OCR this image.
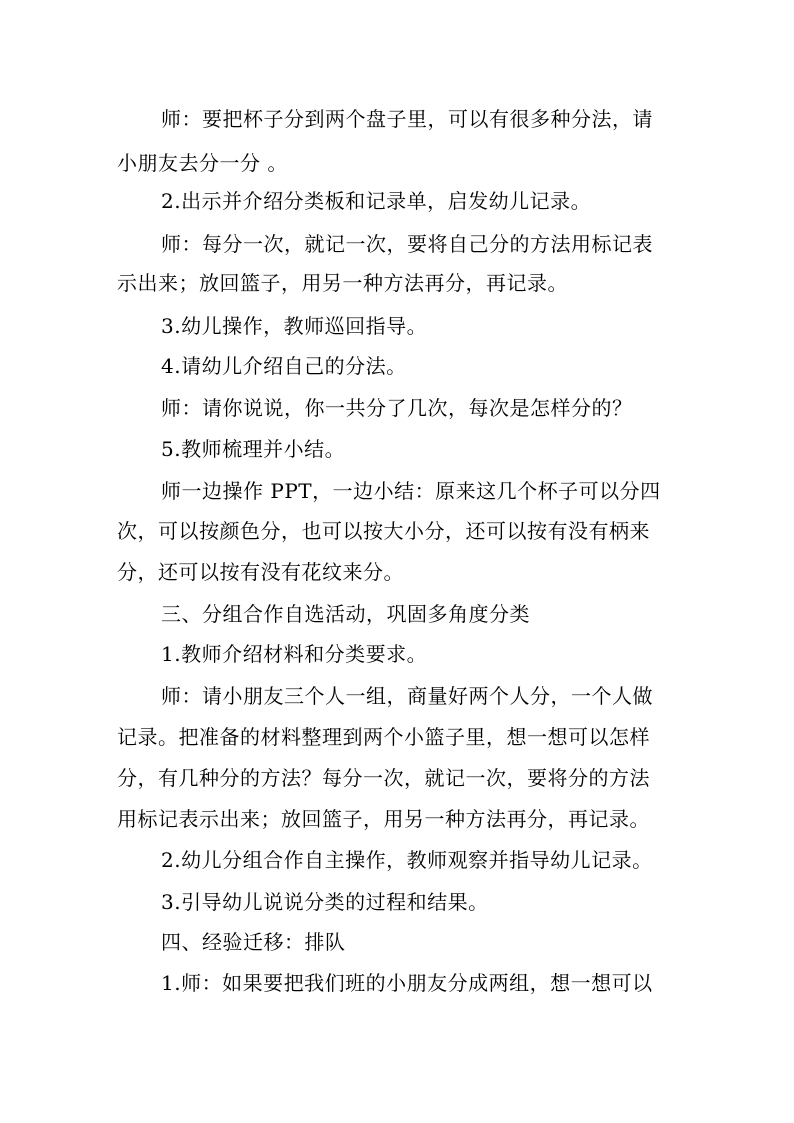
师：要把杯子分到两个盘子里，可以有很多种分法，请

小朋友去分一分 。

2.出示并介绍分类板和记录单，启发幼儿记录。

师：每分一次，就记一次，要将自己分的方法用标记表

示出来；放回篮子，用另一种方法再分，再记录。

3.幼儿操作，教师巡回指导。

4.请幼儿介绍自己的分法。

师：请你说说，你一共分了几次，每次是怎样分的？

5.教师梳理并小结。

师一边操作 PPT，一边小结：原来这几个杯子可以分四

次，可以按颜色分，也可以按大小分，还可以按有没有柄来

分，还可以按有没有花纹来分。

三、分组合作自选活动，巩固多角度分类

1.教师介绍材料和分类要求。

师：请小朋友三个人一组，商量好两个人分，一个人做

记录。把准备的材料整理到两个小篮子里，想一想可以怎样

分，有几种分的方法？每分一次，就记一次，要将分的方法

用标记表示出来；放回篮子，用另一种方法再分，再记录。

2.幼儿分组合作自主操作，教师观察并指导幼儿记录。

3.引导幼儿说说分类的过程和结果。

四、经验迁移：排队

1.师：如果要把我们班的小朋友分成两组，想一想可以
